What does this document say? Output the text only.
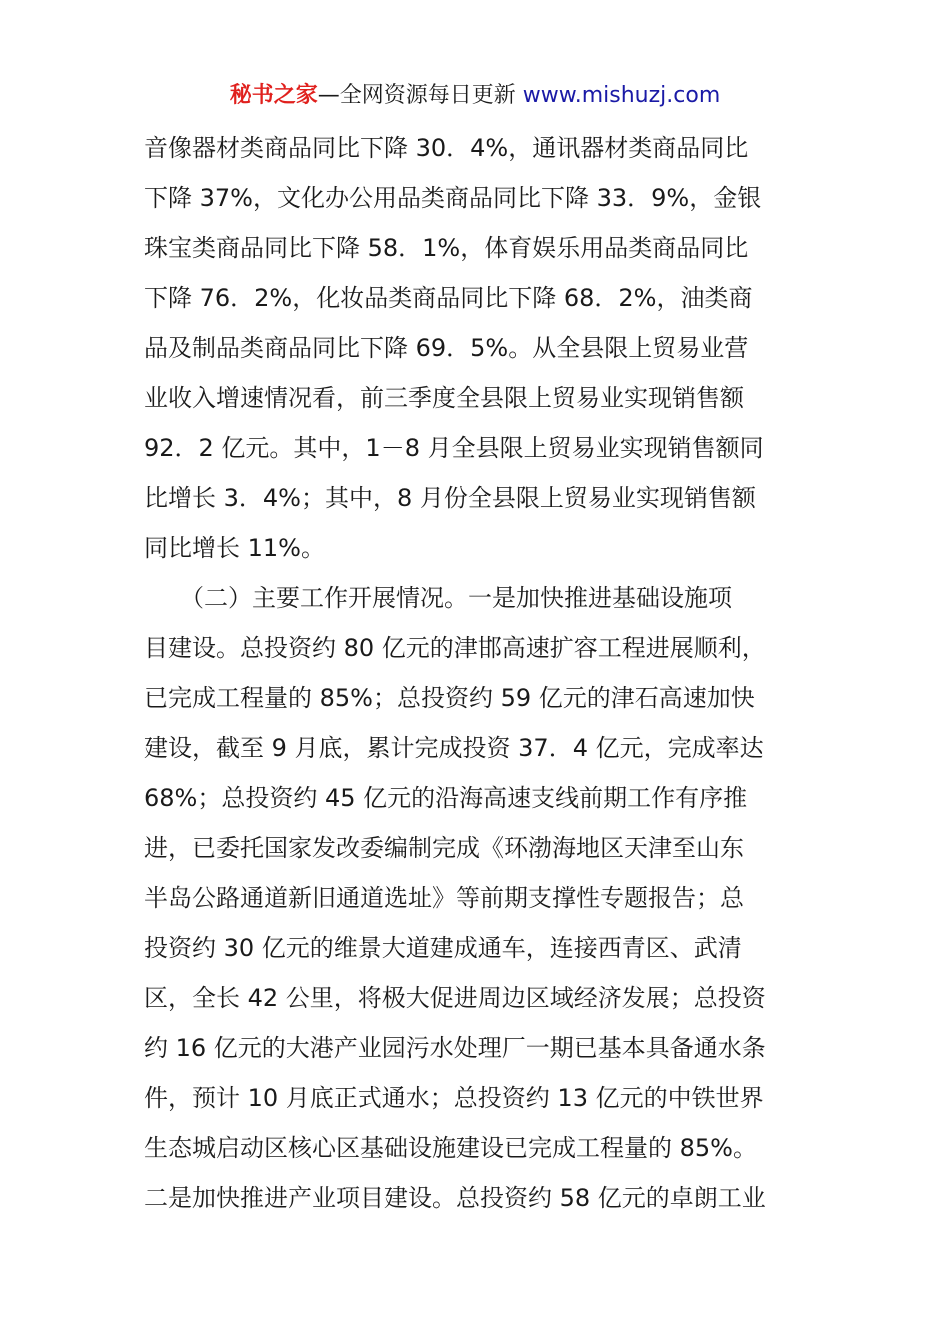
秘书之家—全网资源每日更新 www.mishuzj.com
音像器材类商品同比下降 30．4%，通讯器材类商品同比
下降 37%，文化办公用品类商品同比下降 33．9%，金银
珠宝类商品同比下降 58．1%，体育娱乐用品类商品同比
下降 76．2%，化妆品类商品同比下降 68．2%，油类商
品及制品类商品同比下降 69．5%。从全县限上贸易业营
业收入增速情况看，前三季度全县限上贸易业实现销售额
92．2 亿元。其中，1－8 月全县限上贸易业实现销售额同
比增长 3．4%；其中，8 月份全县限上贸易业实现销售额
同比增长 11%。
　　（二）主要工作开展情况。一是加快推进基础设施项
目建设。总投资约 80 亿元的津邯高速扩容工程进展顺利，
已完成工程量的 85%；总投资约 59 亿元的津石高速加快
建设，截至 9 月底，累计完成投资 37．4 亿元，完成率达
68%；总投资约 45 亿元的沿海高速支线前期工作有序推
进，已委托国家发改委编制完成《环渤海地区天津至山东
半岛公路通道新旧通道选址》等前期支撑性专题报告；总
投资约 30 亿元的维景大道建成通车，连接西青区、武清
区，全长 42 公里，将极大促进周边区域经济发展；总投资
约 16 亿元的大港产业园污水处理厂一期已基本具备通水条
件，预计 10 月底正式通水；总投资约 13 亿元的中铁世界
生态城启动区核心区基础设施建设已完成工程量的 85%。
二是加快推进产业项目建设。总投资约 58 亿元的卓朗工业
